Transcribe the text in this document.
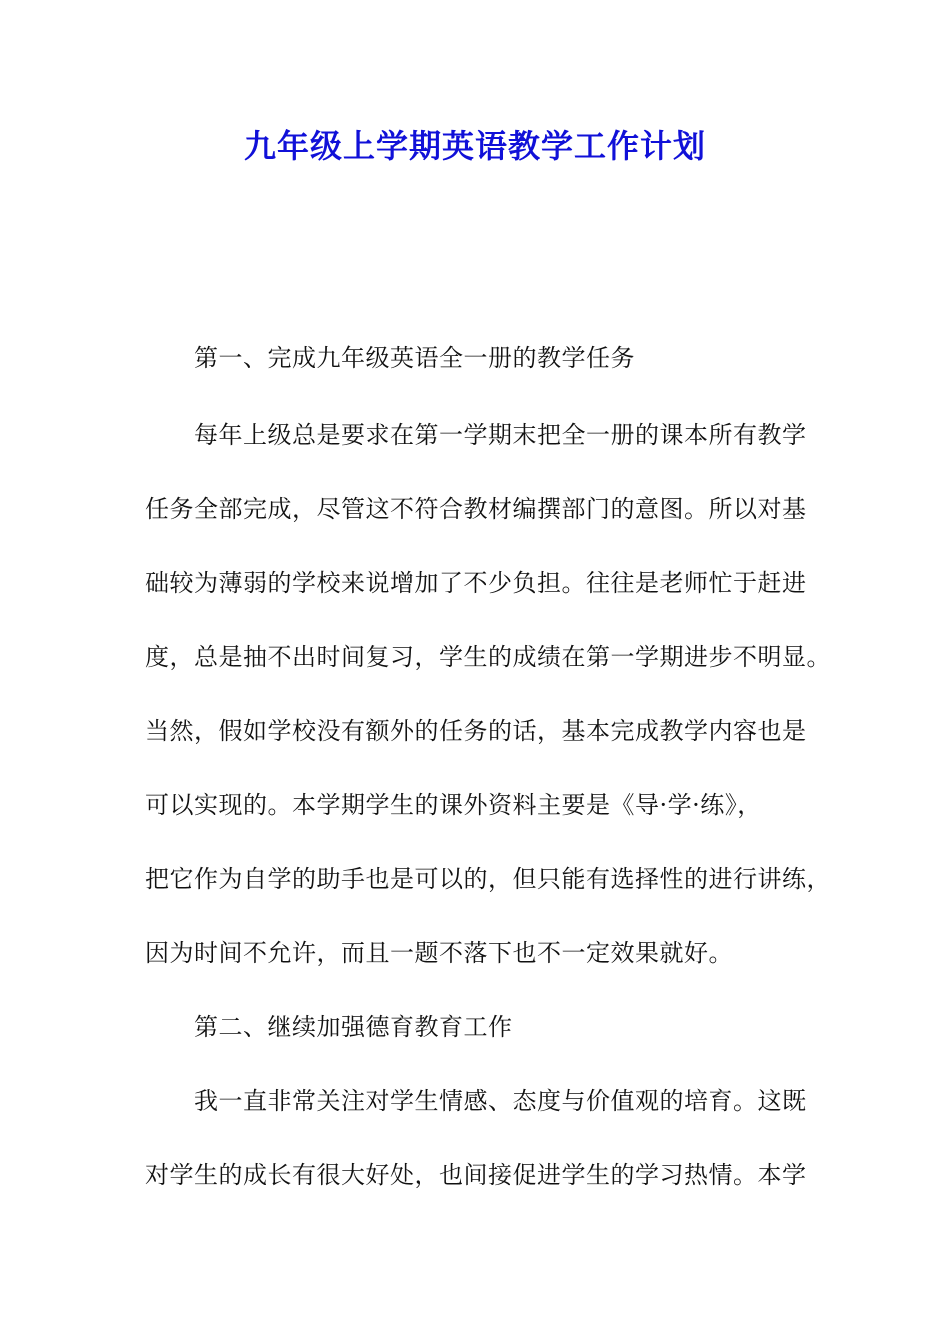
九年级上学期英语教学工作计划
第一、完成九年级英语全一册的教学任务
每年上级总是要求在第一学期末把全一册的课本所有教学
任务全部完成，尽管这不符合教材编撰部门的意图。所以对基
础较为薄弱的学校来说增加了不少负担。往往是老师忙于赶进
度，总是抽不出时间复习，学生的成绩在第一学期进步不明显。
当然，假如学校没有额外的任务的话，基本完成教学内容也是
可以实现的。本学期学生的课外资料主要是《导·学·练》，
把它作为自学的助手也是可以的，但只能有选择性的进行讲练，
因为时间不允许，而且一题不落下也不一定效果就好。
第二、继续加强德育教育工作
我一直非常关注对学生情感、态度与价值观的培育。这既
对学生的成长有很大好处，也间接促进学生的学习热情。本学
